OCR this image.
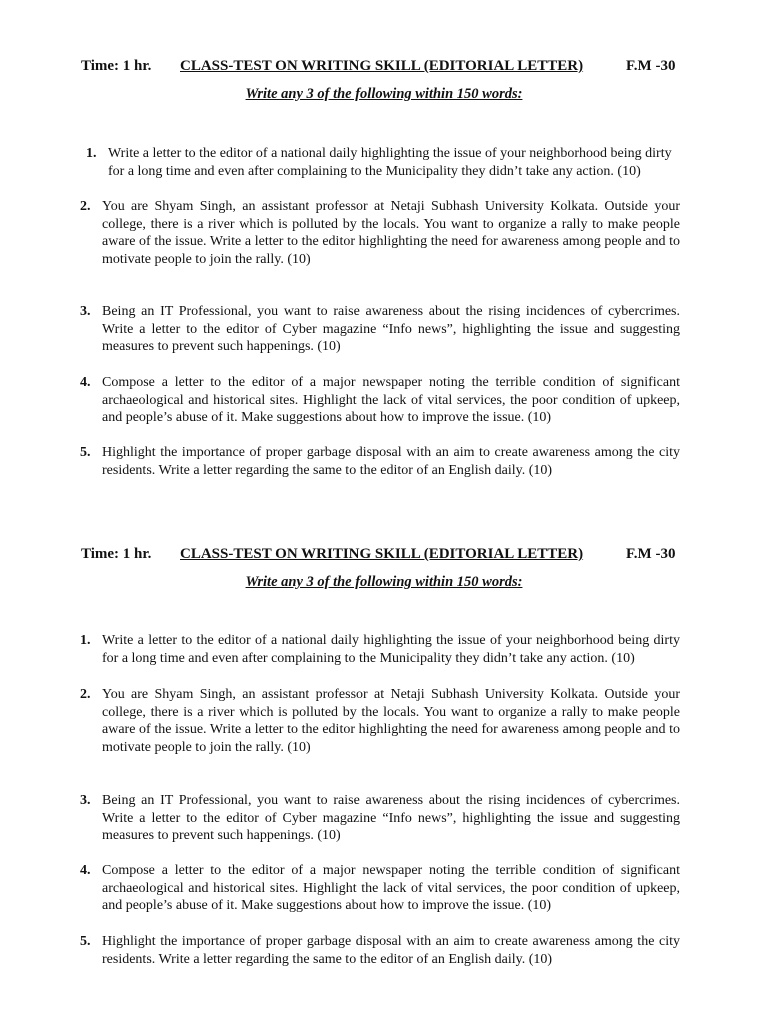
Time: 1 hr. CLASS-TEST ON WRITING SKILL (EDITORIAL LETTER)	F.M -30
Write any 3 of the following within 150 words:
1. Write a letter to the editor of a national daily highlighting the issue of your neighborhood being dirty for a long time and even after complaining to the Municipality they didn’t take any action. (10)
2. You are Shyam Singh, an assistant professor at Netaji Subhash University Kolkata. Outside your college, there is a river which is polluted by the locals. You want to organize a rally to make people aware of the issue. Write a letter to the editor highlighting the need for awareness among people and to motivate people to join the rally. (10)
3. Being an IT Professional, you want to raise awareness about the rising incidences of cybercrimes. Write a letter to the editor of Cyber magazine “Info news”, highlighting the issue and suggesting measures to prevent such happenings. (10)
4. Compose a letter to the editor of a major newspaper noting the terrible condition of significant archaeological and historical sites. Highlight the lack of vital services, the poor condition of upkeep, and people’s abuse of it. Make suggestions about how to improve the issue. (10)
5. Highlight the importance of proper garbage disposal with an aim to create awareness among the city residents. Write a letter regarding the same to the editor of an English daily. (10)
Time: 1 hr. CLASS-TEST ON WRITING SKILL (EDITORIAL LETTER)	F.M -30
Write any 3 of the following within 150 words:
1. Write a letter to the editor of a national daily highlighting the issue of your neighborhood being dirty for a long time and even after complaining to the Municipality they didn’t take any action. (10)
2. You are Shyam Singh, an assistant professor at Netaji Subhash University Kolkata. Outside your college, there is a river which is polluted by the locals. You want to organize a rally to make people aware of the issue. Write a letter to the editor highlighting the need for awareness among people and to motivate people to join the rally. (10)
3. Being an IT Professional, you want to raise awareness about the rising incidences of cybercrimes. Write a letter to the editor of Cyber magazine “Info news”, highlighting the issue and suggesting measures to prevent such happenings. (10)
4. Compose a letter to the editor of a major newspaper noting the terrible condition of significant archaeological and historical sites. Highlight the lack of vital services, the poor condition of upkeep, and people’s abuse of it. Make suggestions about how to improve the issue. (10)
5. Highlight the importance of proper garbage disposal with an aim to create awareness among the city residents. Write a letter regarding the same to the editor of an English daily. (10)
